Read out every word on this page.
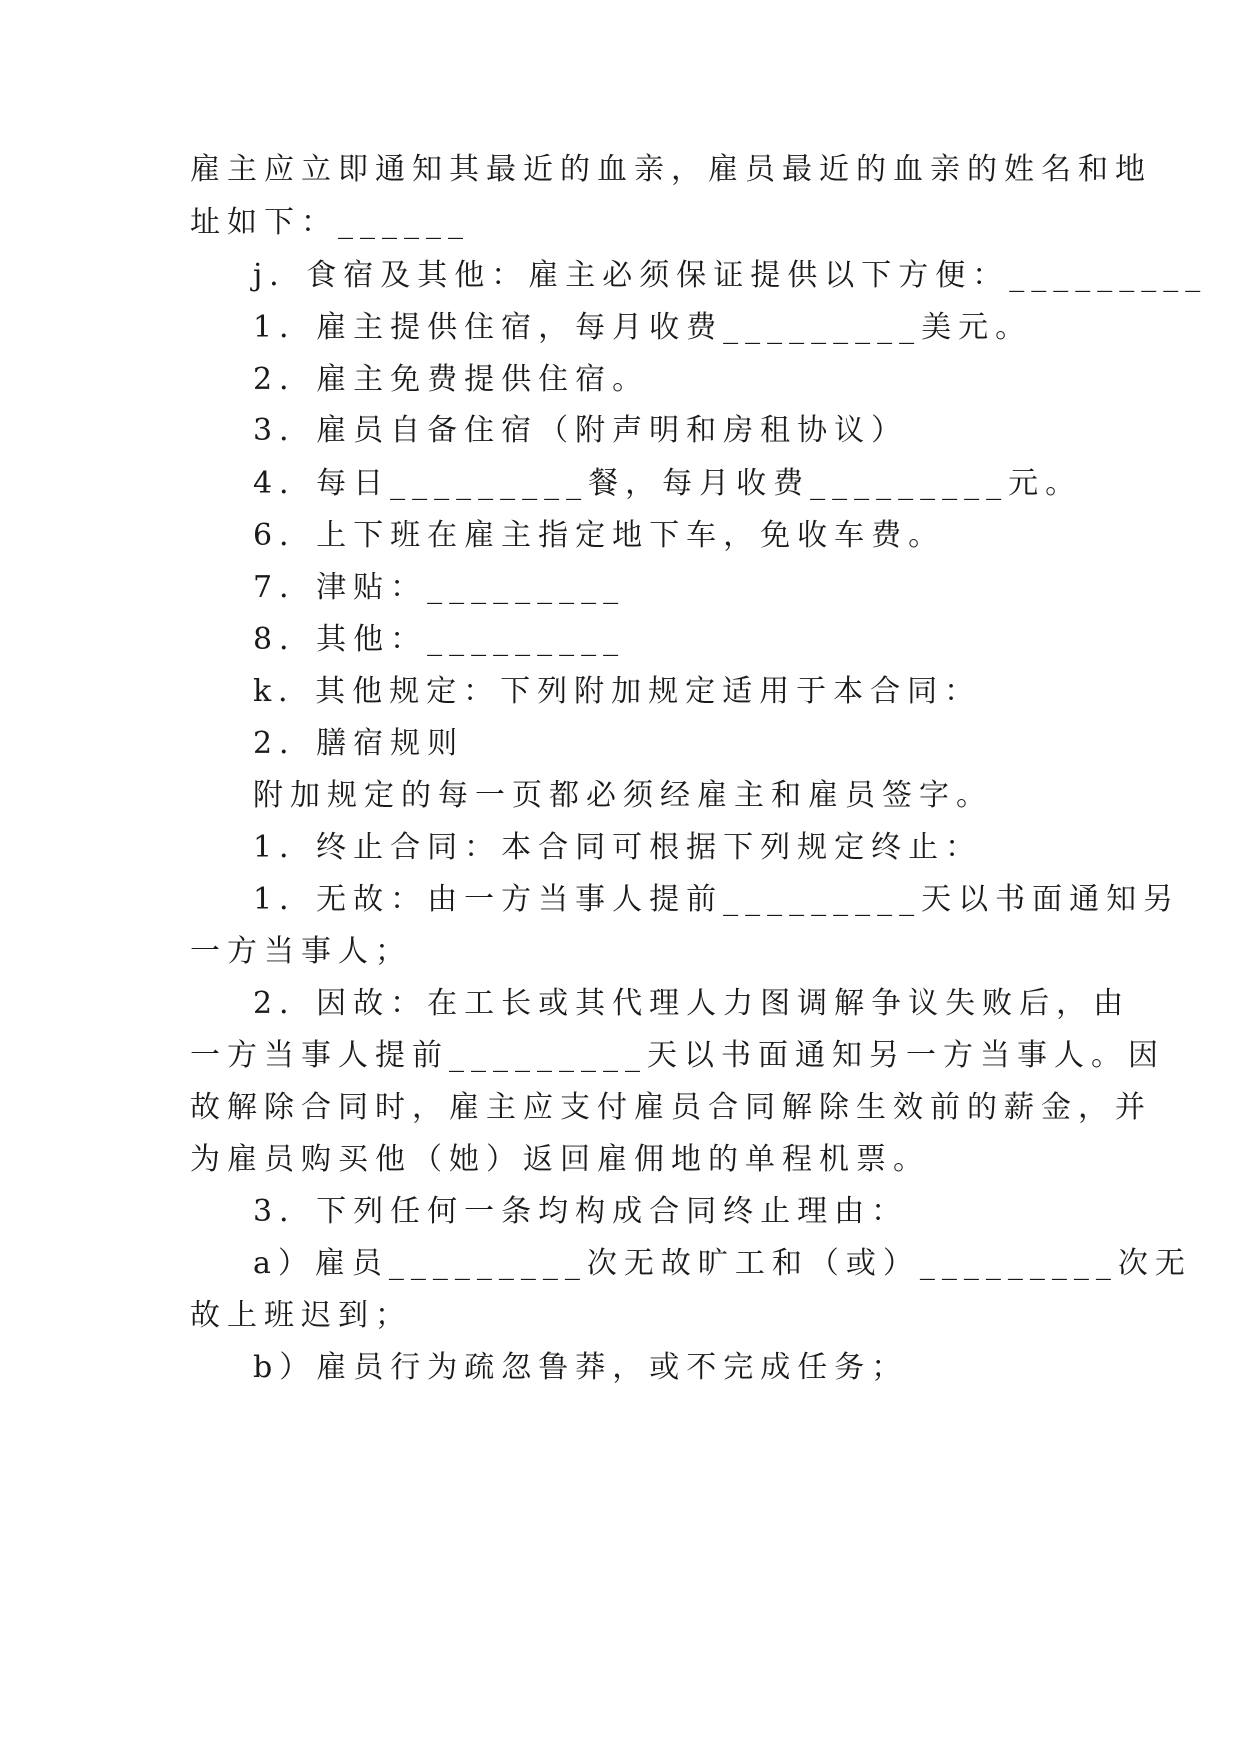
雇主应立即通知其最近的血亲，雇员最近的血亲的姓名和地
址如下：______
j．食宿及其他：雇主必须保证提供以下方便：_________
1．雇主提供住宿，每月收费_________美元。
2．雇主免费提供住宿。
3．雇员自备住宿（附声明和房租协议）
4．每日_________餐，每月收费_________元。
6．上下班在雇主指定地下车，免收车费。
7．津贴：_________
8．其他：_________
k．其他规定：下列附加规定适用于本合同：
2．膳宿规则
附加规定的每一页都必须经雇主和雇员签字。
1．终止合同：本合同可根据下列规定终止：
1．无故：由一方当事人提前_________天以书面通知另
一方当事人；
2．因故：在工长或其代理人力图调解争议失败后，由
一方当事人提前_________天以书面通知另一方当事人。因
故解除合同时，雇主应支付雇员合同解除生效前的薪金，并
为雇员购买他（她）返回雇佣地的单程机票。
3．下列任何一条均构成合同终止理由：
a）雇员_________次无故旷工和（或）_________次无
故上班迟到；
b）雇员行为疏忽鲁莽，或不完成任务；
